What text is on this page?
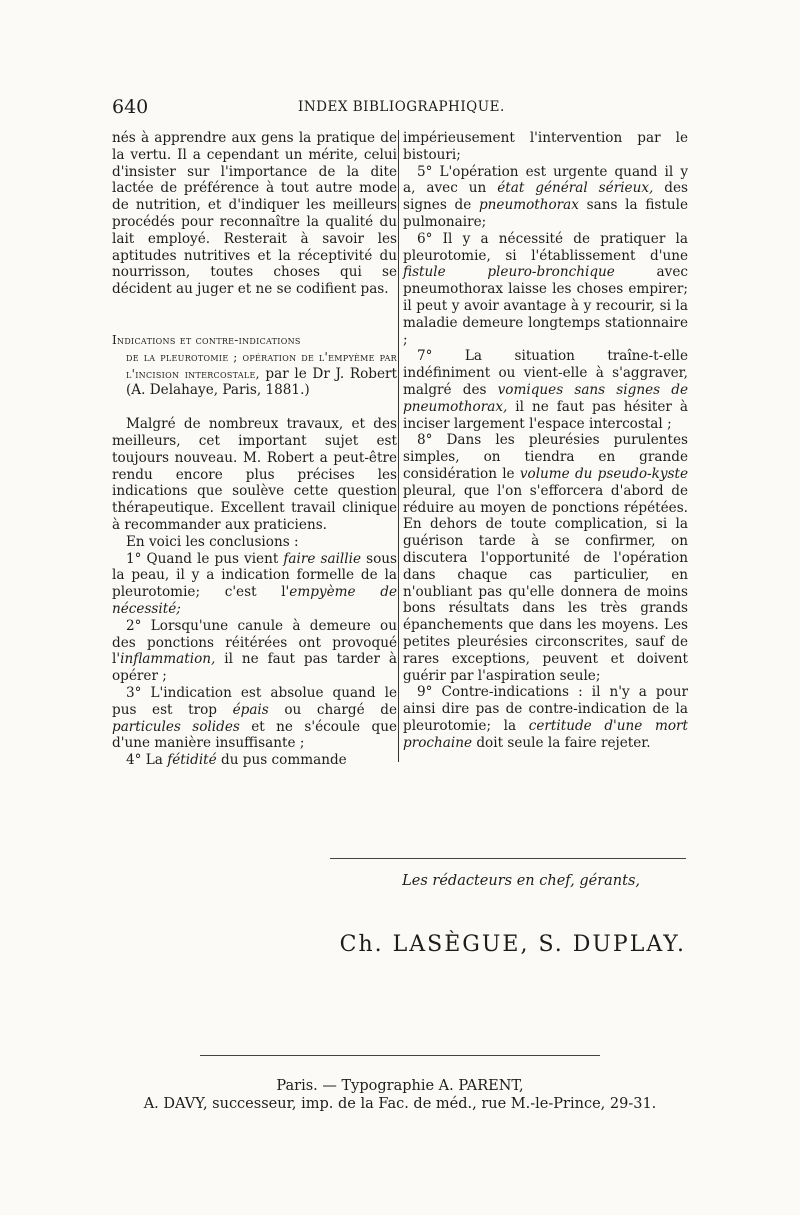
640	INDEX BIBLIOGRAPHIQUE.

nés à apprendre aux gens la pratique de la vertu. Il a cependant un mérite, celui d'insister sur l'importance de la dite lactée de préférence à tout autre mode de nutrition, et d'indiquer les meilleurs procédés pour reconnaître la qualité du lait employé. Resterait à savoir les aptitudes nutritives et la réceptivité du nourrisson, toutes choses qui se décident au juger et ne se codifient pas.

Indications et contre-indications
de la pleurotomie ; opération de l'empyème par l'incision intercostale, par le Dr J. Robert (A. Delahaye, Paris, 1881.)

Malgré de nombreux travaux, et des meilleurs, cet important sujet est toujours nouveau. M. Robert a peut-être rendu encore plus précises les indications que soulève cette question thérapeutique. Excellent travail clinique à recommander aux praticiens.

En voici les conclusions :

1° Quand le pus vient faire saillie sous la peau, il y a indication formelle de la pleurotomie; c'est l'empyème de nécessité;

2° Lorsqu'une canule à demeure ou des ponctions réitérées ont provoqué l'inflammation, il ne faut pas tarder à opérer ;

3° L'indication est absolue quand le pus est trop épais ou chargé de particules solides et ne s'écoule que d'une manière insuffisante ;

4° La fétidité du pus commande

impérieusement l'intervention par le bistouri;

5° L'opération est urgente quand il y a, avec un état général sérieux, des signes de pneumothorax sans la fistule pulmonaire;

6° Il y a nécessité de pratiquer la pleurotomie, si l'établissement d'une fistule pleuro-bronchique avec pneumothorax laisse les choses empirer; il peut y avoir avantage à y recourir, si la maladie demeure longtemps stationnaire ;

7° La situation traîne-t-elle indéfiniment ou vient-elle à s'aggraver, malgré des vomiques sans signes de pneumothorax, il ne faut pas hésiter à inciser largement l'espace intercostal ;

8° Dans les pleurésies purulentes simples, on tiendra en grande considération le volume du pseudo-kyste pleural, que l'on s'efforcera d'abord de réduire au moyen de ponctions répétées. En dehors de toute complication, si la guérison tarde à se confirmer, on discutera l'opportunité de l'opération dans chaque cas particulier, en n'oubliant pas qu'elle donnera de moins bons résultats dans les très grands épanchements que dans les moyens. Les petites pleurésies circonscrites, sauf de rares exceptions, peuvent et doivent guérir par l'aspiration seule;

9° Contre-indications : il n'y a pour ainsi dire pas de contre-indication de la pleurotomie; la certitude d'une mort prochaine doit seule la faire rejeter.

Les rédacteurs en chef, gérants,
Ch. LASÈGUE, S. DUPLAY.
Paris. — Typographie A. PARENT,
A. DAVY, successeur, imp. de la Fac. de méd., rue M.-le-Prince, 29-31.
